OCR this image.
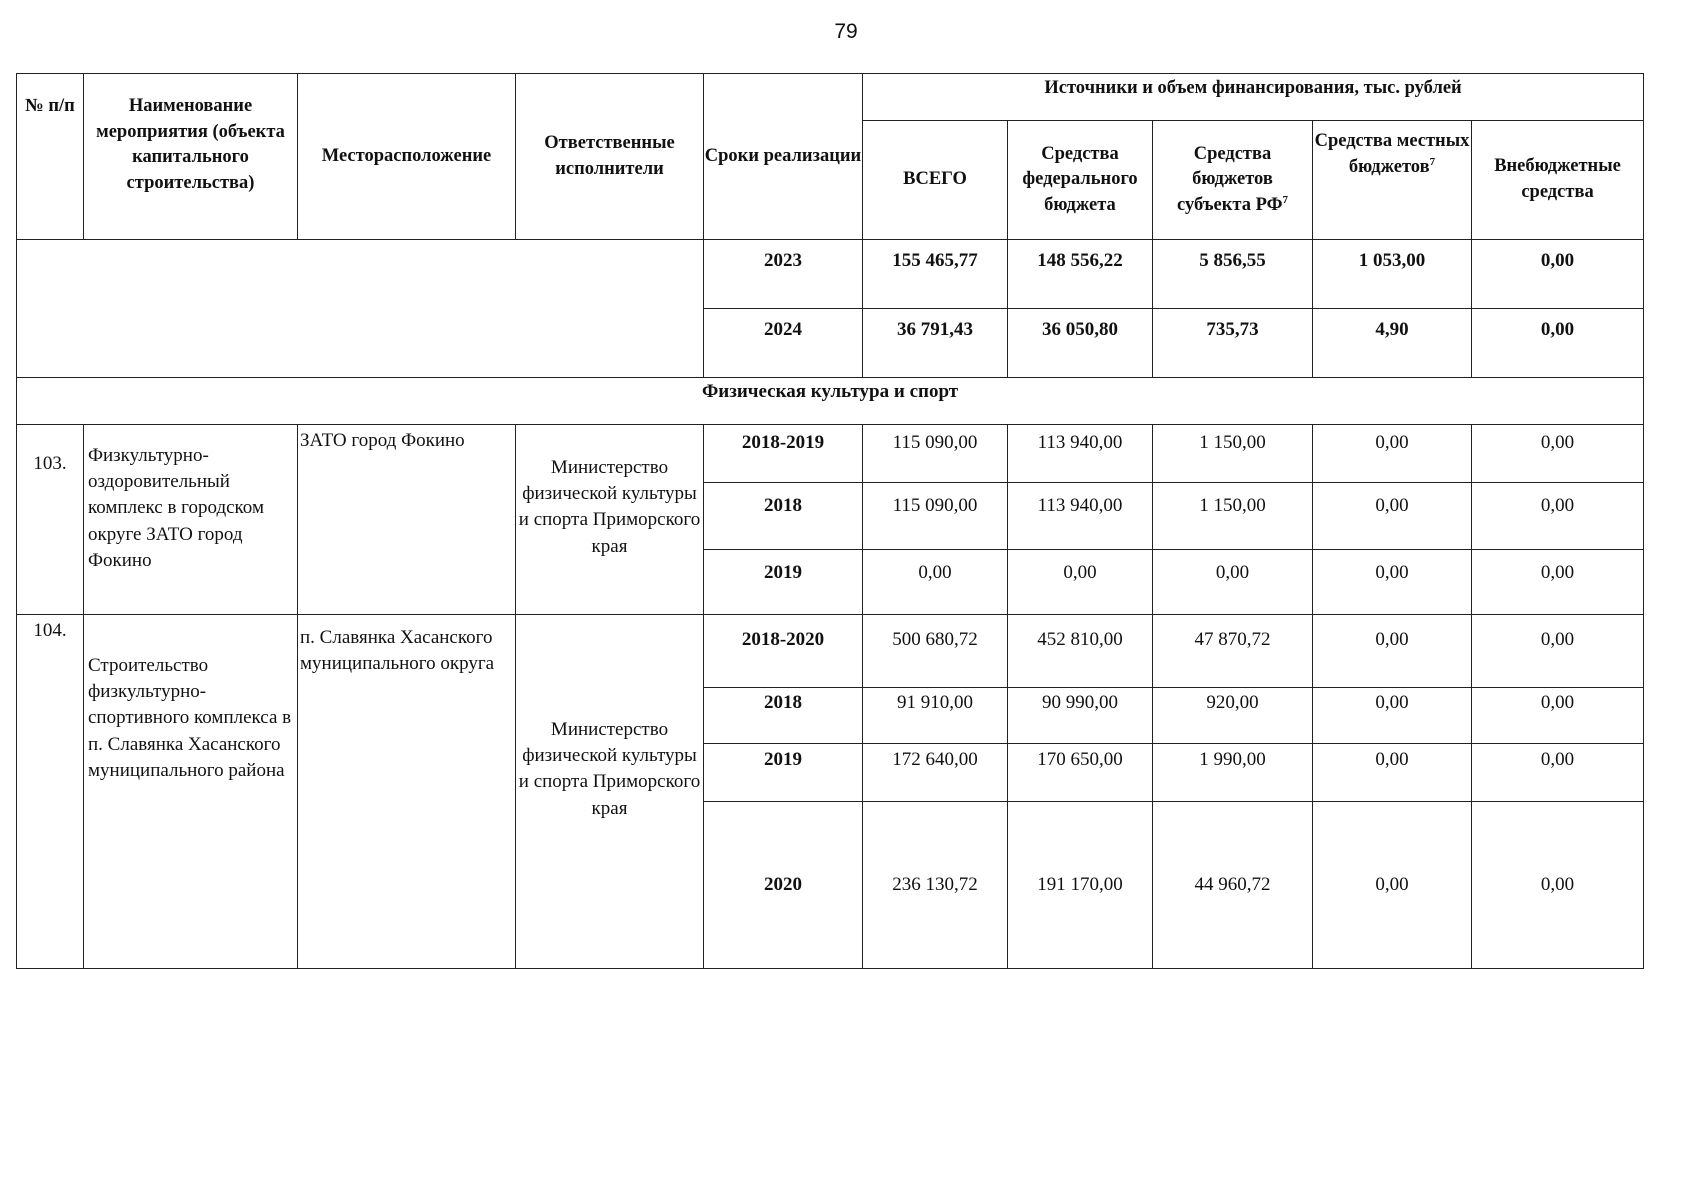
79
№ п/п	Наименование мероприятия (объекта капитального строительства)	Месторасположение	Ответственные исполнители	Сроки реализации	Источники и объем финансирования, тыс. рублей				
					ВСЕГО	Средства федерального бюджета	Средства бюджетов субъекта $РФ^7$	Средства местных бюджетов$^7$	Внебюджетные средства
				2023	155 465,77	148 556,22	5 856,55	1 053,00	0,00
				2024	36 791,43	36 050,80	735,73	4,90	0,00
Физическая культура и спорт									
103.	Физкультурно-оздоровительный комплекс в городском округе ЗАТО город Фокино	ЗАТО город Фокино	Министерство физической культуры и спорта Приморского края	2018-2019	115 090,00	113 940,00	1 150,00	0,00	0,00
				2018	115 090,00	113 940,00	1 150,00	0,00	0,00
				2019	0,00	0,00	0,00	0,00	0,00
104.	Строительство физкультурно-спортивного комплекса в п. Славянка Хасанского муниципального района	п. Славянка Хасанского муниципального округа	Министерство физической культуры и спорта Приморского края	2018-2020	500 680,72	452 810,00	47 870,72	0,00	0,00
				2018	91 910,00	90 990,00	920,00	0,00	0,00
				2019	172 640,00	170 650,00	1 990,00	0,00	0,00
				2020	236 130,72	191 170,00	44 960,72	0,00	0,00
